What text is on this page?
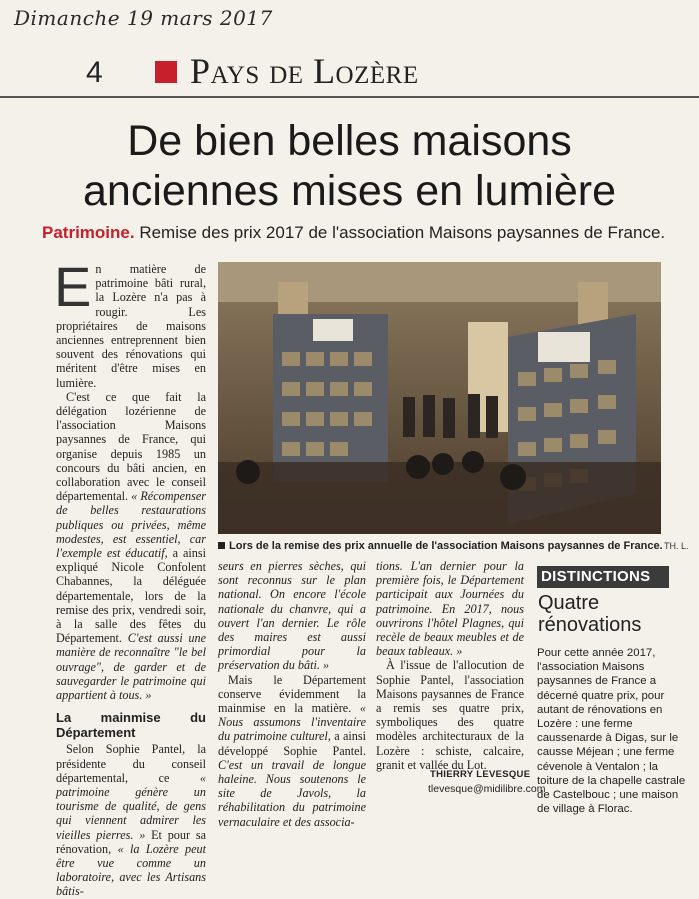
Dimanche 19 mars 2017
4 Pays de Lozère
De bien belles maisons
anciennes mises en lumière
Patrimoine. Remise des prix 2017 de l'association Maisons paysannes de France.

En matière de patrimoine bâti rural, la Lozère n'a pas à rougir. Les propriétaires de maisons anciennes entreprennent bien souvent des rénovations qui méritent d'être mises en lumière.

C'est ce que fait la délégation lozérienne de l'association Maisons paysannes de France, qui organise depuis 1985 un concours du bâti ancien, en collaboration avec le conseil départemental. « Récompenser de belles restaurations publiques ou privées, même modestes, est essentiel, car l'exemple est éducatif, a ainsi expliqué Nicole Confolent Chabannes, la déléguée départementale, lors de la remise des prix, vendredi soir, à la salle des fêtes du Département. C'est aussi une manière de reconnaître "le bel ouvrage", de garder et de sauvegarder le patrimoine qui appartient à tous. »

La mainmise du Département

Selon Sophie Pantel, la présidente du conseil départemental, ce « patrimoine génère un tourisme de qualité, de gens qui viennent admirer les vieilles pierres. » Et pour sa rénovation, « la Lozère peut être vue comme un laboratoire, avec les Artisans bâtis-

Lors de la remise des prix annuelle de l'association Maisons paysannes de France. TH. L.

seurs en pierres sèches, qui sont reconnus sur le plan national. On encore l'école nationale du chanvre, qui a ouvert l'an dernier. Le rôle des maires est aussi primordial pour la préservation du bâti. »

Mais le Département conserve évidemment la mainmise en la matière. « Nous assumons l'inventaire du patrimoine culturel, a ainsi développé Sophie Pantel. C'est un travail de longue haleine. Nous soutenons le site de Javols, la réhabilitation du patrimoine vernaculaire et des associa-

tions. L'an dernier pour la première fois, le Département participait aux Journées du patrimoine. En 2017, nous ouvrirons l'hôtel Plagnes, qui recèle de beaux meubles et de beaux tableaux. »

À l'issue de l'allocution de Sophie Pantel, l'association Maisons paysannes de France a remis ses quatre prix, symboliques des quatre modèles architecturaux de la Lozère : schiste, calcaire, granit et vallée du Lot.

THIERRY LEVESQUE
tlevesque@midilibre.com
DISTINCTIONS
Quatre
rénovations
Pour cette année 2017, l'association Maisons paysannes de France a décerné quatre prix, pour autant de rénovations en Lozère : une ferme caussenarde à Digas, sur le causse Méjean ; une ferme cévenole à Ventalon ; la toiture de la chapelle castrale de Castelbouc ; une maison de village à Florac.
